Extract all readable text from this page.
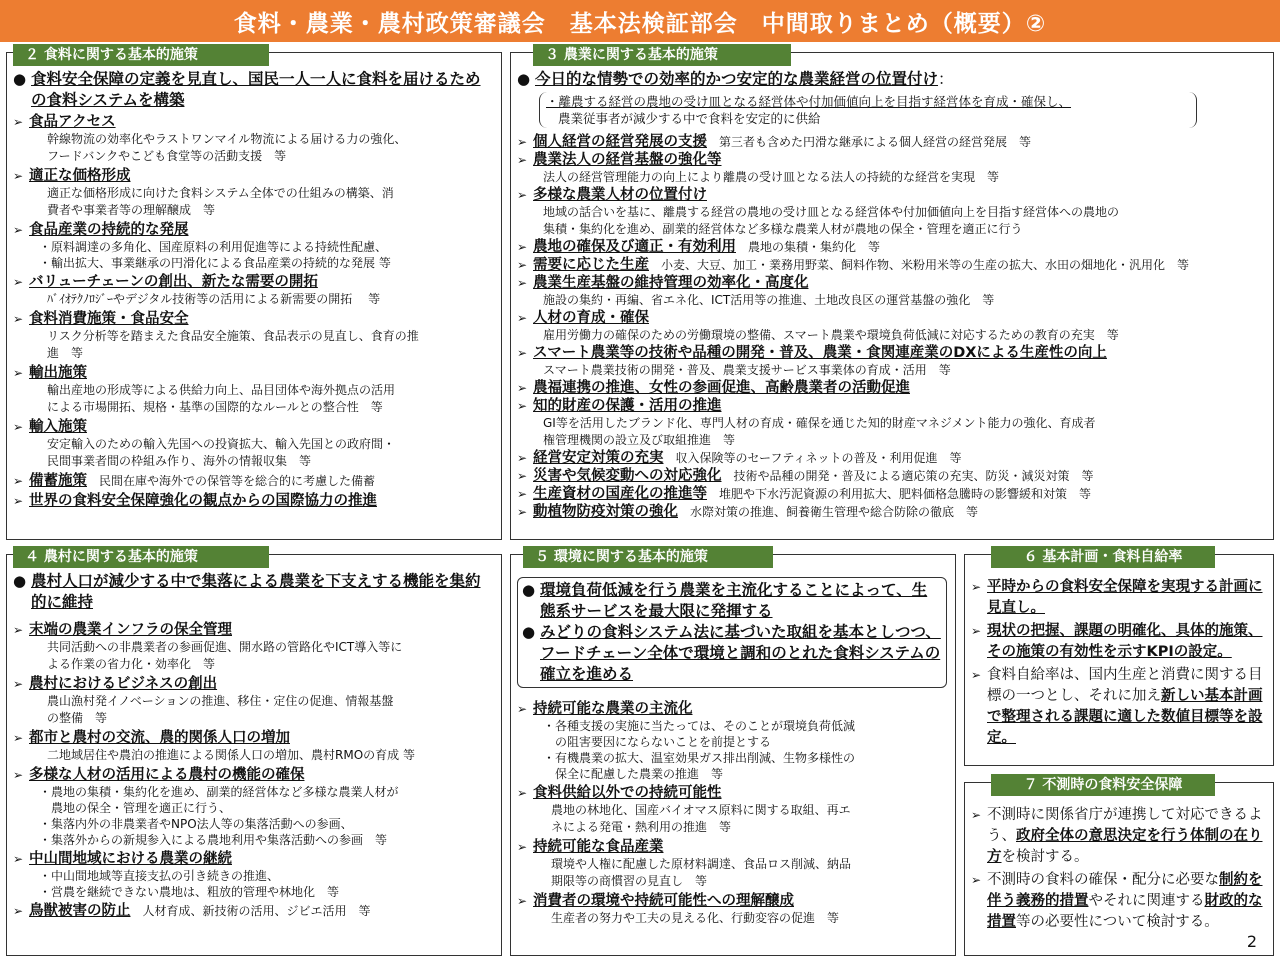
食料・農業・農村政策審議会　基本法検証部会　中間取りまとめ（概要）②
２ 食料に関する基本的施策
● 食料安全保障の定義を見直し、国民一人一人に食料を届けるための食料システムを構築
➢ 食品アクセス
幹線物流の効率化やラストワンマイル物流による届ける力の強化、
フードバンクやこども食堂等の活動支援　等
➢ 適正な価格形成
適正な価格形成に向けた食料システム全体での仕組みの構築、消
費者や事業者等の理解醸成　等
➢ 食品産業の持続的な発展
・原料調達の多角化、国産原料の利用促進等による持続性配慮、
・輸出拡大、事業継承の円滑化による食品産業の持続的な発展 等
➢ バリューチェーンの創出、新たな需要の開拓
ﾊﾞｲｵﾃｸﾉﾛｼﾞｰやデジタル技術等の活用による新需要の開拓　 等
➢ 食料消費施策・食品安全
リスク分析等を踏まえた食品安全施策、食品表示の見直し、食育の推
進　等
➢ 輸出施策
輸出産地の形成等による供給力向上、品目団体や海外拠点の活用
による市場開拓、規格・基準の国際的なルールとの整合性　等
➢ 輸入施策
安定輸入のための輸入先国への投資拡大、輸入先国との政府間・
民間事業者間の枠組み作り、海外の情報収集　等
➢ 備蓄施策 民間在庫や海外での保管等を総合的に考慮した備蓄
➢ 世界の食料安全保障強化の観点からの国際協力の推進
３ 農業に関する基本的施策
● 今日的な情勢での効率的かつ安定的な農業経営の位置付け：
・離農する経営の農地の受け皿となる経営体や付加価値向上を目指す経営体を育成・確保し、
農業従事者が減少する中で食料を安定的に供給
➢ 個人経営の経営発展の支援 第三者も含めた円滑な継承による個人経営の経営発展　等
➢ 農業法人の経営基盤の強化等
法人の経営管理能力の向上により離農の受け皿となる法人の持続的な経営を実現　等
➢ 多様な農業人材の位置付け
地域の話合いを基に、離農する経営の農地の受け皿となる経営体や付加価値向上を目指す経営体への農地の
集積・集約化を進め、副業的経営体など多様な農業人材が農地の保全・管理を適正に行う
➢ 農地の確保及び適正・有効利用 農地の集積・集約化　等
➢ 需要に応じた生産 小麦、大豆、加工・業務用野菜、飼料作物、米粉用米等の生産の拡大、水田の畑地化・汎用化　等
➢ 農業生産基盤の維持管理の効率化・高度化
施設の集約・再編、省エネ化、ICT活用等の推進、土地改良区の運営基盤の強化　等
➢ 人材の育成・確保
雇用労働力の確保のための労働環境の整備、スマート農業や環境負荷低減に対応するための教育の充実　等
➢ スマート農業等の技術や品種の開発・普及、農業・食関連産業のDXによる生産性の向上
スマート農業技術の開発・普及、農業支援サービス事業体の育成・活用　等
➢ 農福連携の推進、女性の参画促進、高齢農業者の活動促進
➢ 知的財産の保護・活用の推進
GI等を活用したブランド化、専門人材の育成・確保を通じた知的財産マネジメント能力の強化、育成者
権管理機関の設立及び取組推進　等
➢ 経営安定対策の充実 収入保険等のセーフティネットの普及・利用促進　等
➢ 災害や気候変動への対応強化 技術や品種の開発・普及による適応策の充実、防災・減災対策　等
➢ 生産資材の国産化の推進等 堆肥や下水汚泥資源の利用拡大、肥料価格急騰時の影響緩和対策　等
➢ 動植物防疫対策の強化 水際対策の推進、飼養衛生管理や総合防除の徹底　等
４ 農村に関する基本的施策
● 農村人口が減少する中で集落による農業を下支えする機能を集約的に維持
➢ 末端の農業インフラの保全管理
共同活動への非農業者の参画促進、開水路の管路化やICT導入等に
よる作業の省力化・効率化　等
➢ 農村におけるビジネスの創出
農山漁村発イノベーションの推進、移住・定住の促進、情報基盤
の整備　等
➢ 都市と農村の交流、農的関係人口の増加
二地域居住や農泊の推進による関係人口の増加、農村RMOの育成 等
➢ 多様な人材の活用による農村の機能の確保
・農地の集積・集約化を進め、副業的経営体など多様な農業人材が
　農地の保全・管理を適正に行う、
・集落内外の非農業者やNPO法人等の集落活動への参画、
・集落外からの新規参入による農地利用や集落活動への参画　等
➢ 中山間地域における農業の継続
・中山間地域等直接支払の引き続きの推進、
・営農を継続できない農地は、粗放的管理や林地化　等
➢ 鳥獣被害の防止 人材育成、新技術の活用、ジビエ活用　等
５ 環境に関する基本的施策
● 環境負荷低減を行う農業を主流化することによって、生態系サービスを最大限に発揮する
● みどりの食料システム法に基づいた取組を基本としつつ、フードチェーン全体で環境と調和のとれた食料システムの確立を進める
➢ 持続可能な農業の主流化
・各種支援の実施に当たっては、そのことが環境負荷低減
　の阻害要因にならないことを前提とする
・有機農業の拡大、温室効果ガス排出削減、生物多様性の
　保全に配慮した農業の推進　等
➢ 食料供給以外での持続可能性
農地の林地化、国産バイオマス原料に関する取組、再エ
ネによる発電・熱利用の推進　等
➢ 持続可能な食品産業
環境や人権に配慮した原材料調達、食品ロス削減、納品
期限等の商慣習の見直し　等
➢ 消費者の環境や持続可能性への理解醸成
生産者の努力や工夫の見える化、行動変容の促進　等
６ 基本計画・食料自給率
➢ 平時からの食料安全保障を実現する計画に見直し。
➢ 現状の把握、課題の明確化、具体的施策、その施策の有効性を示すKPIの設定。
➢ 食料自給率は、国内生産と消費に関する目標の一つとし、それに加え新しい基本計画で整理される課題に適した数値目標等を設定。
７ 不測時の食料安全保障
➢ 不測時に関係省庁が連携して対応できるよう、政府全体の意思決定を行う体制の在り方を検討する。
➢ 不測時の食料の確保・配分に必要な制約を伴う義務的措置やそれに関連する財政的な措置等の必要性について検討する。
2
